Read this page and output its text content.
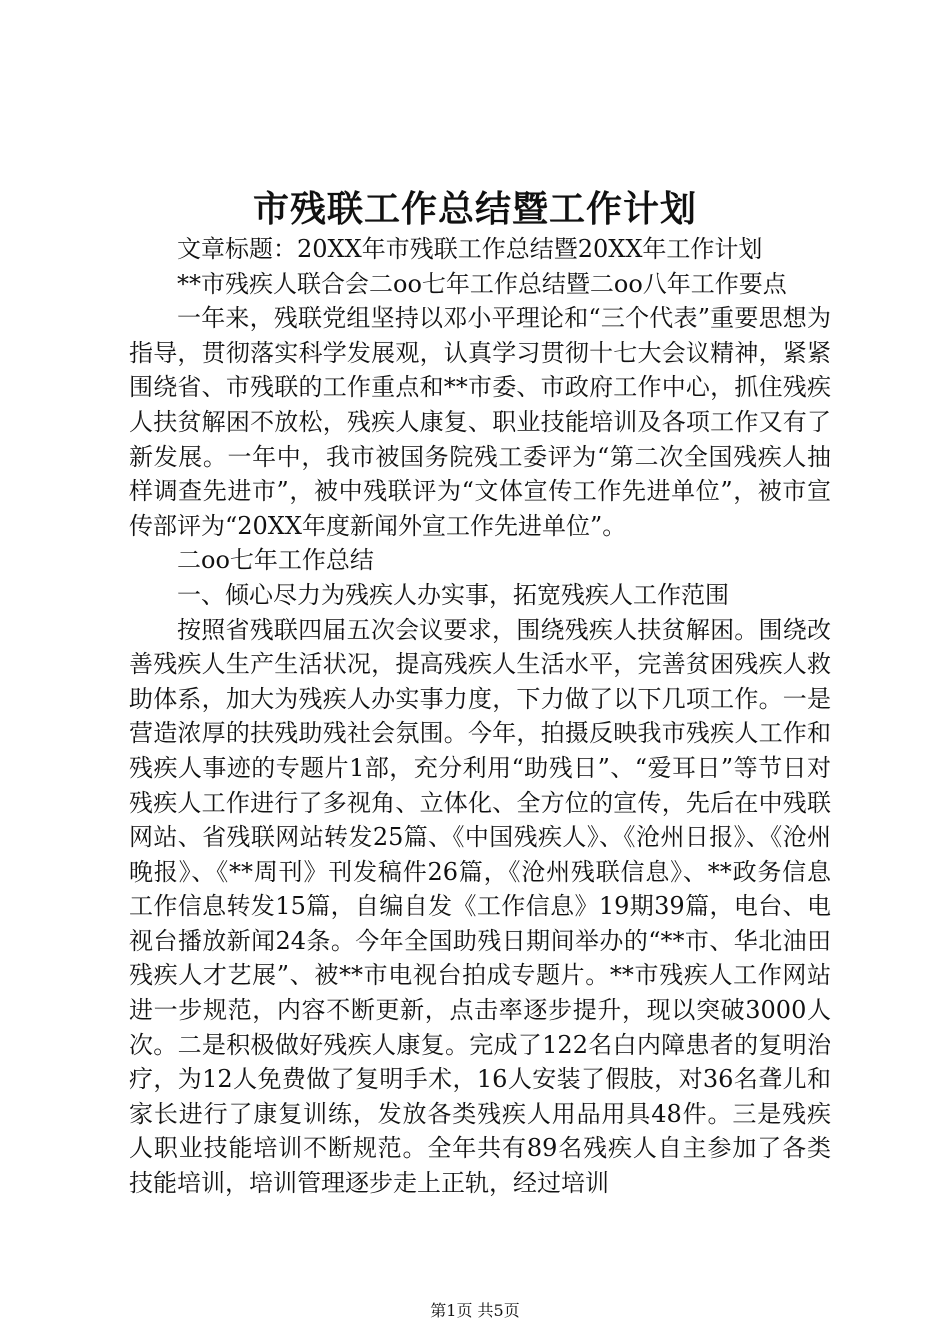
市残联工作总结暨工作计划

文章标题：20XX年市残联工作总结暨20XX年工作计划

**市残疾人联合会二oo七年工作总结暨二oo八年工作要点

一年来，残联党组坚持以邓小平理论和“三个代表”重要思想为指导，贯彻落实科学发展观，认真学习贯彻十七大会议精神，紧紧围绕省、市残联的工作重点和**市委、市政府工作中心，抓住残疾人扶贫解困不放松，残疾人康复、职业技能培训及各项工作又有了新发展。一年中，我市被国务院残工委评为“第二次全国残疾人抽样调查先进市”，被中残联评为“文体宣传工作先进单位”，被市宣传部评为“20XX年度新闻外宣工作先进单位”。

二oo七年工作总结

一、倾心尽力为残疾人办实事，拓宽残疾人工作范围

按照省残联四届五次会议要求，围绕残疾人扶贫解困。围绕改善残疾人生产生活状况，提高残疾人生活水平，完善贫困残疾人救助体系，加大为残疾人办实事力度，下力做了以下几项工作。一是营造浓厚的扶残助残社会氛围。今年，拍摄反映我市残疾人工作和残疾人事迹的专题片1部，充分利用“助残日”、“爱耳日”等节日对残疾人工作进行了多视角、立体化、全方位的宣传，先后在中残联网站、省残联网站转发25篇、《中国残疾人》、《沧州日报》、《沧州晚报》、《**周刊》刊发稿件26篇，《沧州残联信息》、**政务信息工作信息转发15篇，自编自发《工作信息》19期39篇，电台、电视台播放新闻24条。今年全国助残日期间举办的“**市、华北油田残疾人才艺展”、被**市电视台拍成专题片。**市残疾人工作网站进一步规范，内容不断更新，点击率逐步提升，现以突破3000人次。二是积极做好残疾人康复。完成了122名白内障患者的复明治疗，为12人免费做了复明手术，16人安装了假肢，对36名聋儿和家长进行了康复训练，发放各类残疾人用品用具48件。三是残疾人职业技能培训不断规范。全年共有89名残疾人自主参加了各类技能培训，培训管理逐步走上正轨，经过培训

第1页 共5页
